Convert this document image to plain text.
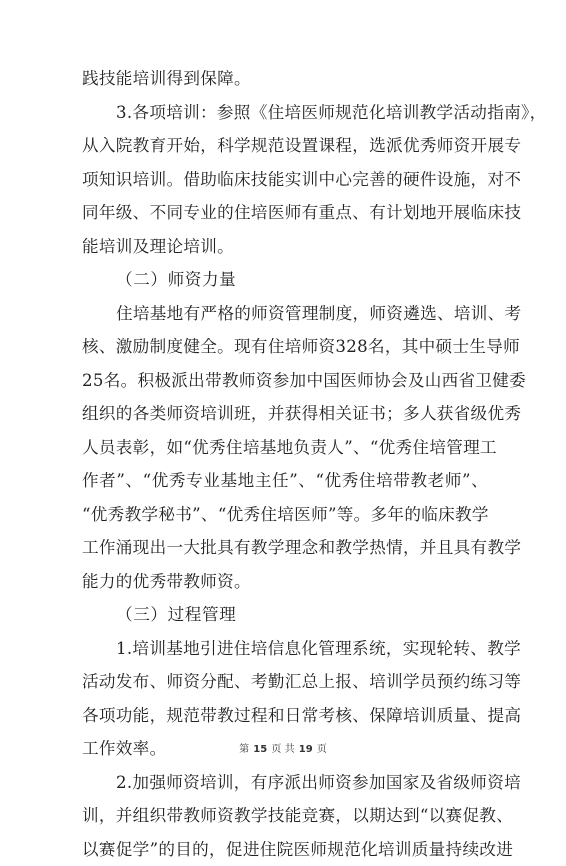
践技能培训得到保障。
3.各项培训：参照《住培医师规范化培训教学活动指南》，
从入院教育开始，科学规范设置课程，选派优秀师资开展专
项知识培训。借助临床技能实训中心完善的硬件设施，对不
同年级、不同专业的住培医师有重点、有计划地开展临床技
能培训及理论培训。
（二）师资力量
住培基地有严格的师资管理制度，师资遴选、培训、考
核、激励制度健全。现有住培师资328名，其中硕士生导师
25名。积极派出带教师资参加中国医师协会及山西省卫健委
组织的各类师资培训班，并获得相关证书；多人获省级优秀
人员表彰，如“优秀住培基地负责人”、“优秀住培管理工
作者”、“优秀专业基地主任”、“优秀住培带教老师”、
“优秀教学秘书”、“优秀住培医师”等。多年的临床教学
工作涌现出一大批具有教学理念和教学热情，并且具有教学
能力的优秀带教师资。
（三）过程管理
1.培训基地引进住培信息化管理系统，实现轮转、教学
活动发布、师资分配、考勤汇总上报、培训学员预约练习等
各项功能，规范带教过程和日常考核、保障培训质量、提高
工作效率。
2.加强师资培训，有序派出师资参加国家及省级师资培
训，并组织带教师资教学技能竞赛，以期达到“以赛促教、
以赛促学”的目的，促进住院医师规范化培训质量持续改进
第 15 页 共 19 页
